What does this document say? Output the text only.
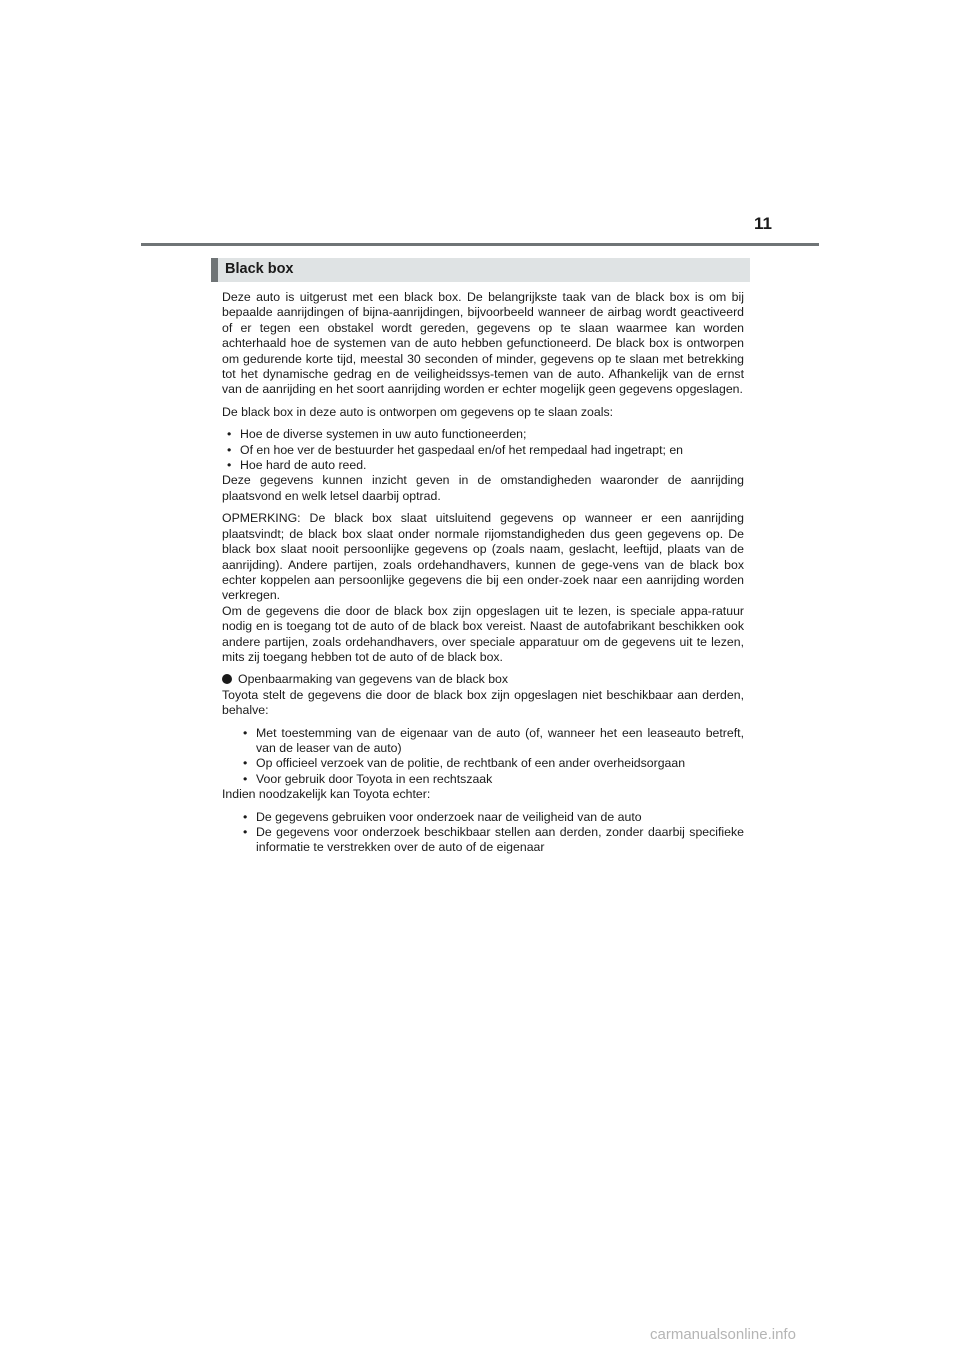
11
Black box

Deze auto is uitgerust met een black box. De belangrijkste taak van de black box is om bij bepaalde aanrijdingen of bijna-aanrijdingen, bijvoorbeeld wanneer de airbag wordt geactiveerd of er tegen een obstakel wordt gereden, gegevens op te slaan waarmee kan worden achterhaald hoe de systemen van de auto hebben gefunctioneerd. De black box is ontworpen om gedurende korte tijd, meestal 30 seconden of minder, gegevens op te slaan met betrekking tot het dynamische gedrag en de veiligheidssys-temen van de auto. Afhankelijk van de ernst van de aanrijding en het soort aanrijding worden er echter mogelijk geen gegevens opgeslagen.

De black box in deze auto is ontworpen om gegevens op te slaan zoals:

• Hoe de diverse systemen in uw auto functioneerden;
• Of en hoe ver de bestuurder het gaspedaal en/of het rempedaal had ingetrapt; en
• Hoe hard de auto reed.

Deze gegevens kunnen inzicht geven in de omstandigheden waaronder de aanrijding plaatsvond en welk letsel daarbij optrad.

OPMERKING: De black box slaat uitsluitend gegevens op wanneer er een aanrijding plaatsvindt; de black box slaat onder normale rijomstandigheden dus geen gegevens op. De black box slaat nooit persoonlijke gegevens op (zoals naam, geslacht, leeftijd, plaats van de aanrijding). Andere partijen, zoals ordehandhavers, kunnen de gege-vens van de black box echter koppelen aan persoonlijke gegevens die bij een onder-zoek naar een aanrijding worden verkregen.

Om de gegevens die door de black box zijn opgeslagen uit te lezen, is speciale appa-ratuur nodig en is toegang tot de auto of de black box vereist. Naast de autofabrikant beschikken ook andere partijen, zoals ordehandhavers, over speciale apparatuur om de gegevens uit te lezen, mits zij toegang hebben tot de auto of de black box.

Openbaarmaking van gegevens van de black box

Toyota stelt de gegevens die door de black box zijn opgeslagen niet beschikbaar aan derden, behalve:

• Met toestemming van de eigenaar van de auto (of, wanneer het een leaseauto betreft, van de leaser van de auto)
• Op officieel verzoek van de politie, de rechtbank of een ander overheidsorgaan
• Voor gebruik door Toyota in een rechtszaak

Indien noodzakelijk kan Toyota echter:

• De gegevens gebruiken voor onderzoek naar de veiligheid van de auto
• De gegevens voor onderzoek beschikbaar stellen aan derden, zonder daarbij specifieke informatie te verstrekken over de auto of de eigenaar
carmanualsonline.info
